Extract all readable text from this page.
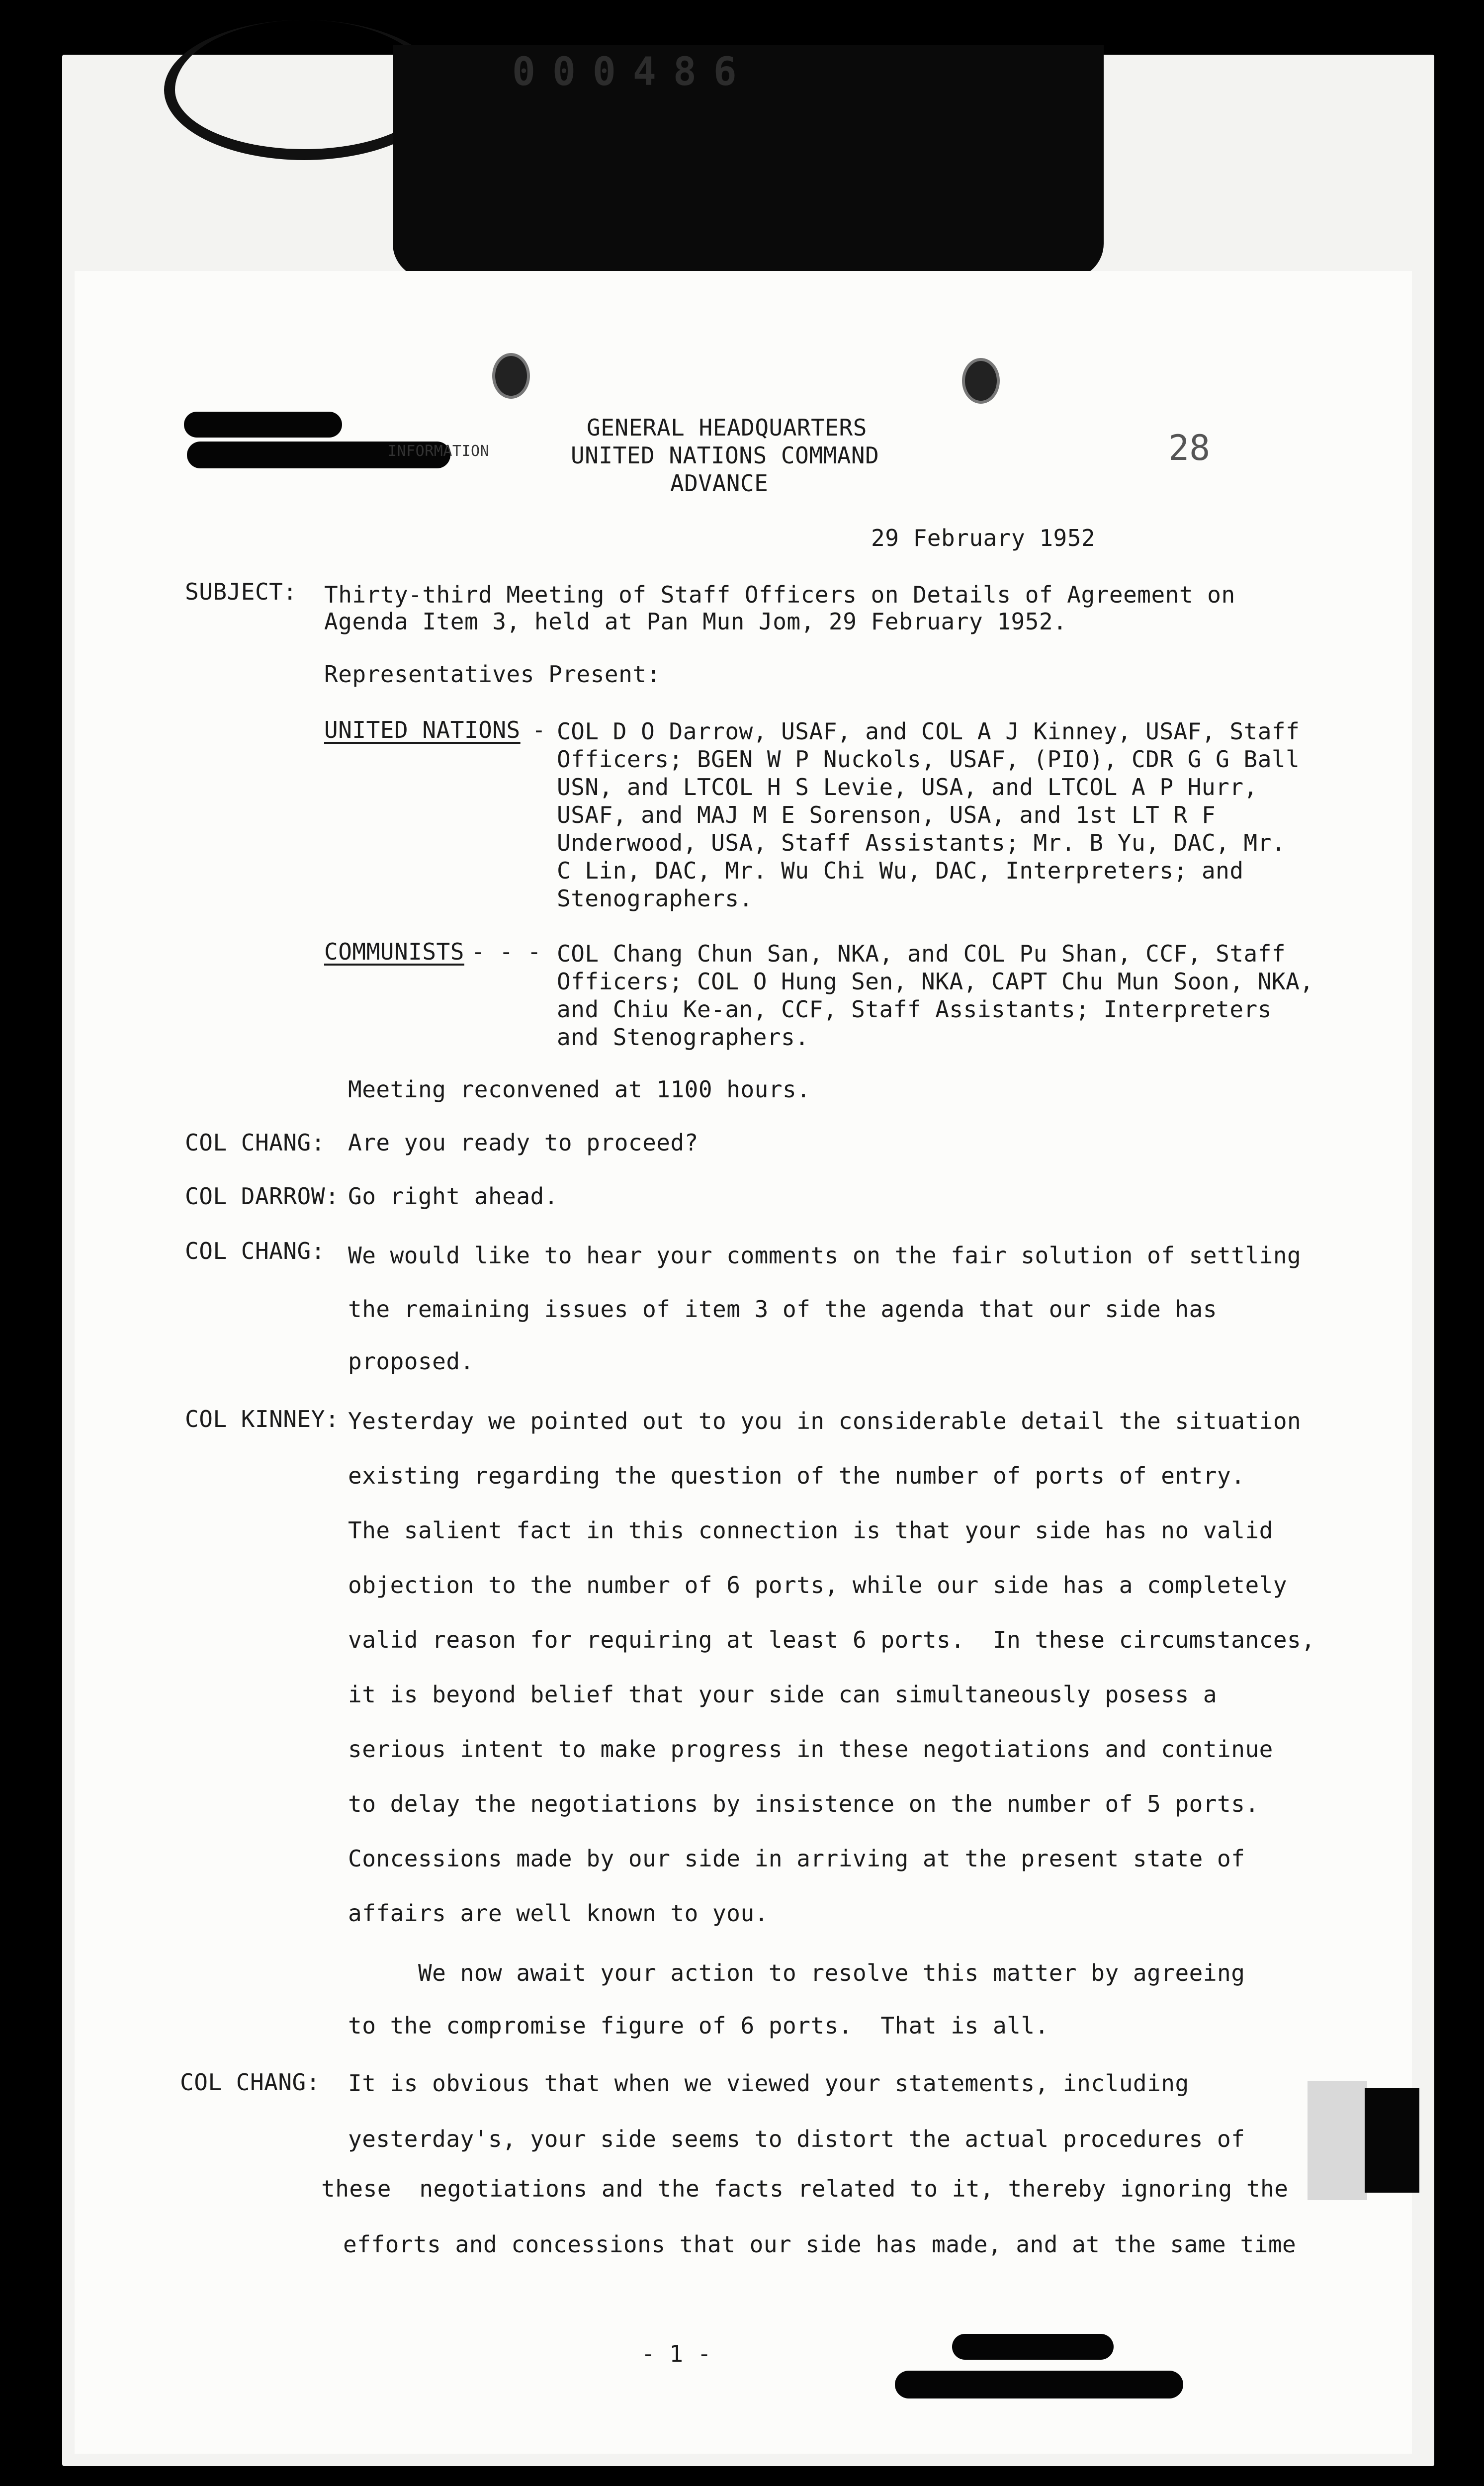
000486
INFORMATION	28
GENERAL HEADQUARTERS
UNITED NATIONS COMMAND
ADVANCE
29 February 1952
SUBJECT: Thirty-third Meeting of Staff Officers on Details of Agreement on
Agenda Item 3, held at Pan Mun Jom, 29 February 1952.
Representatives Present:
UNITED NATIONS - COL D O Darrow, USAF, and COL A J Kinney, USAF, Staff
Officers; BGEN W P Nuckols, USAF, (PIO), CDR G G Ball
USN, and LTCOL H S Levie, USA, and LTCOL A P Hurr,
USAF, and MAJ M E Sorenson, USA, and 1st LT R F
Underwood, USA, Staff Assistants; Mr. B Yu, DAC, Mr.
C Lin, DAC, Mr. Wu Chi Wu, DAC, Interpreters; and
Stenographers.
COMMUNISTS - - - COL Chang Chun San, NKA, and COL Pu Shan, CCF, Staff
Officers; COL O Hung Sen, NKA, CAPT Chu Mun Soon, NKA,
and Chiu Ke-an, CCF, Staff Assistants; Interpreters
and Stenographers.
Meeting reconvened at 1100 hours.
COL CHANG: Are you ready to proceed?
COL DARROW: Go right ahead.
COL CHANG: We would like to hear your comments on the fair solution of settling
the remaining issues of item 3 of the agenda that our side has
proposed.
COL KINNEY: Yesterday we pointed out to you in considerable detail the situation
existing regarding the question of the number of ports of entry.
The salient fact in this connection is that your side has no valid
objection to the number of 6 ports, while our side has a completely
valid reason for requiring at least 6 ports.  In these circumstances,
it is beyond belief that your side can simultaneously posess a
serious intent to make progress in these negotiations and continue
to delay the negotiations by insistence on the number of 5 ports.
Concessions made by our side in arriving at the present state of
affairs are well known to you.
We now await your action to resolve this matter by agreeing
to the compromise figure of 6 ports.  That is all.
COL CHANG: It is obvious that when we viewed your statements, including
yesterday's, your side seems to distort the actual procedures of
these  negotiations and the facts related to it, thereby ignoring the
efforts and concessions that our side has made, and at the same time
- 1 -
